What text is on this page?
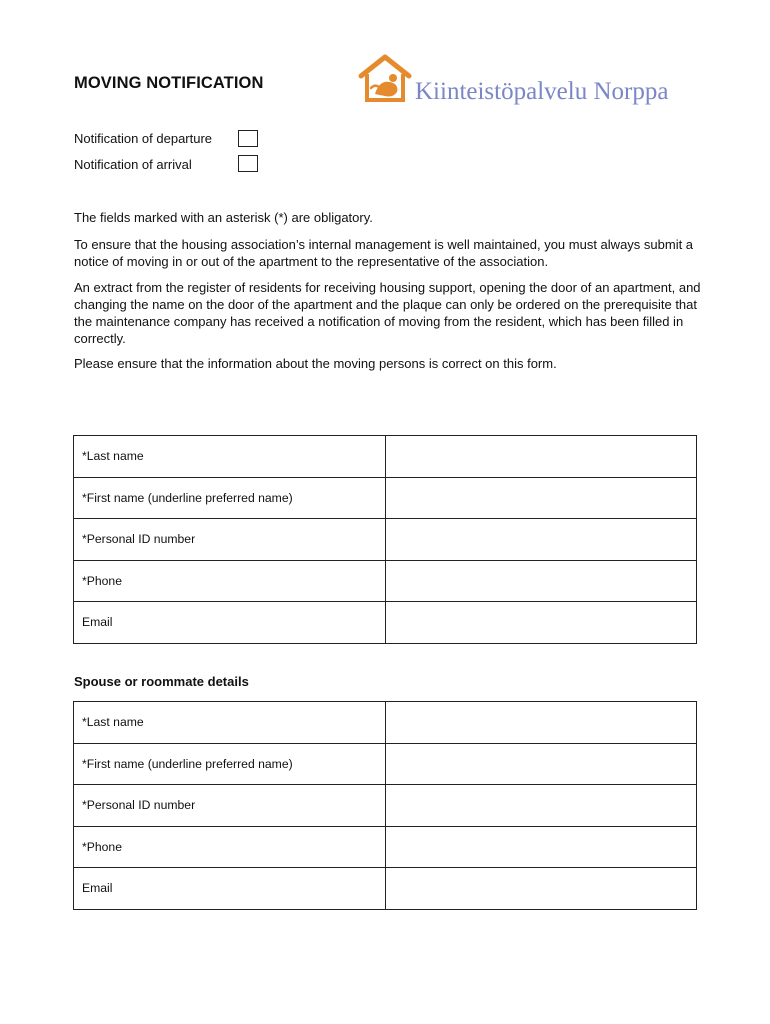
MOVING NOTIFICATION	Kiinteistöpalvelu Norppa
Notification of departure
Notification of arrival

The fields marked with an asterisk (*) are obligatory.

To ensure that the housing association’s internal management is well maintained, you must always submit a notice of moving in or out of the apartment to the representative of the association.

An extract from the register of residents for receiving housing support, opening the door of an apartment, and changing the name on the door of the apartment and the plaque can only be ordered on the prerequisite that the maintenance company has received a notification of moving from the resident, which has been filled in correctly.

Please ensure that the information about the moving persons is correct on this form.

*Last name	
*First name (underline preferred name)	
*Personal ID number	
*Phone	
Email	
Spouse or roommate details
*Last name	
*First name (underline preferred name)	
*Personal ID number	
*Phone	
Email	
